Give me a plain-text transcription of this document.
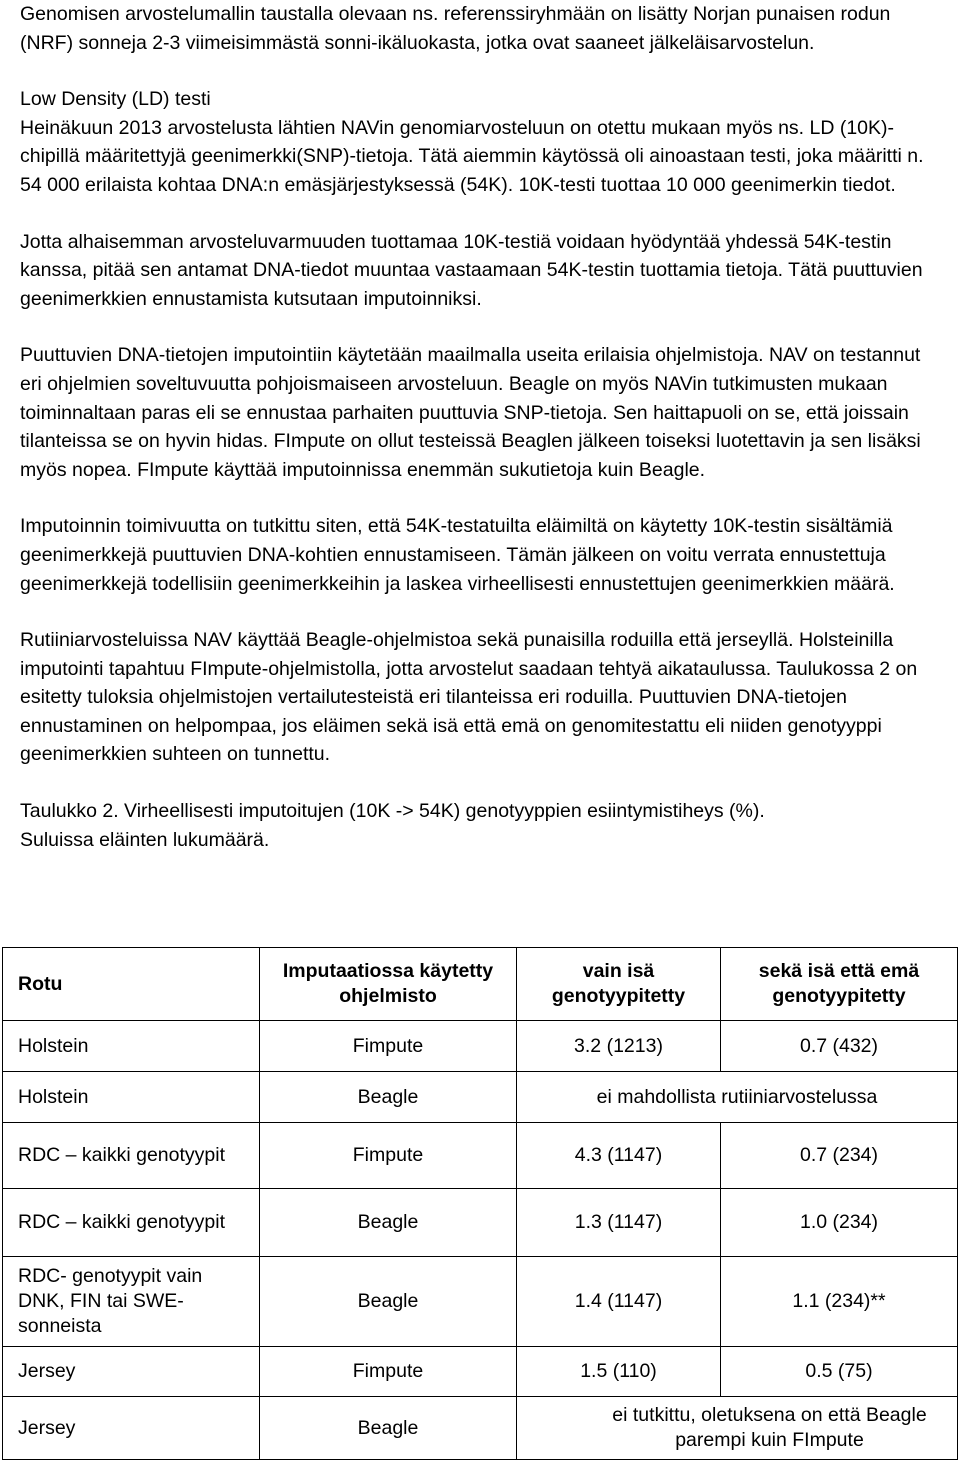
Genomisen arvostelumallin taustalla olevaan ns. referenssiryhmään on lisätty Norjan punaisen rodun (NRF) sonneja 2-3 viimeisimmästä sonni-ikäluokasta, jotka ovat saaneet jälkeläisarvostelun.

Low Density (LD) testi

Heinäkuun 2013 arvostelusta lähtien NAVin genomiarvosteluun on otettu mukaan myös ns. LD (10K)-chipillä määritettyjä geenimerkki(SNP)-tietoja. Tätä aiemmin käytössä oli ainoastaan testi, joka määritti n. 54 000 erilaista kohtaa DNA:n emäsjärjestyksessä (54K). 10K-testi tuottaa 10 000 geenimerkin tiedot.

Jotta alhaisemman arvosteluvarmuuden tuottamaa 10K-testiä voidaan hyödyntää yhdessä 54K-testin kanssa, pitää sen antamat DNA-tiedot muuntaa vastaamaan 54K-testin tuottamia tietoja. Tätä puuttuvien geenimerkkien ennustamista kutsutaan imputoinniksi.

Puuttuvien DNA-tietojen imputointiin käytetään maailmalla useita erilaisia ohjelmistoja. NAV on testannut eri ohjelmien soveltuvuutta pohjoismaiseen arvosteluun. Beagle on myös NAVin tutkimusten mukaan toiminnaltaan paras eli se ennustaa parhaiten puuttuvia SNP-tietoja. Sen haittapuoli on se, että joissain tilanteissa se on hyvin hidas. FImpute on ollut testeissä Beaglen jälkeen toiseksi luotettavin ja sen lisäksi myös nopea. FImpute käyttää imputoinnissa enemmän sukutietoja kuin Beagle.

Imputoinnin toimivuutta on tutkittu siten, että 54K-testatuilta eläimiltä on käytetty 10K-testin sisältämiä geenimerkkejä puuttuvien DNA-kohtien ennustamiseen. Tämän jälkeen on voitu verrata ennustettuja geenimerkkejä todellisiin geenimerkkeihin ja laskea virheellisesti ennustettujen geenimerkkien määrä.

Rutiiniarvosteluissa NAV käyttää Beagle-ohjelmistoa sekä punaisilla roduilla että jerseyllä. Holsteinilla imputointi tapahtuu FImpute-ohjelmistolla, jotta arvostelut saadaan tehtyä aikataulussa. Taulukossa 2 on esitetty tuloksia ohjelmistojen vertailutesteistä eri tilanteissa eri roduilla. Puuttuvien DNA-tietojen ennustaminen on helpompaa, jos eläimen sekä isä että emä on genomitestattu eli niiden genotyyppi geenimerkkien suhteen on tunnettu.

Taulukko 2. Virheellisesti imputoitujen (10K -> 54K) genotyyppien esiintymistiheys (%).
Suluissa eläinten lukumäärä.

Rotu	Imputaatiossa käytetty ohjelmisto	vain isä genotyypitetty	sekä isä että emä genotyypitetty
Holstein	Fimpute	3.2 (1213)	0.7 (432)
Holstein	Beagle	ei mahdollista rutiiniarvostelussa	
RDC – kaikki genotyypit	Fimpute	4.3 (1147)	0.7 (234)
RDC – kaikki genotyypit	Beagle	1.3 (1147)	1.0 (234)
RDC- genotyypit vain DNK, FIN tai SWE-sonneista	Beagle	1.4 (1147)	1.1 (234)**
Jersey	Fimpute	1.5 (110)	0.5 (75)
Jersey	Beagle	ei tutkittu, oletuksena on että Beagle parempi kuin FImpute	
